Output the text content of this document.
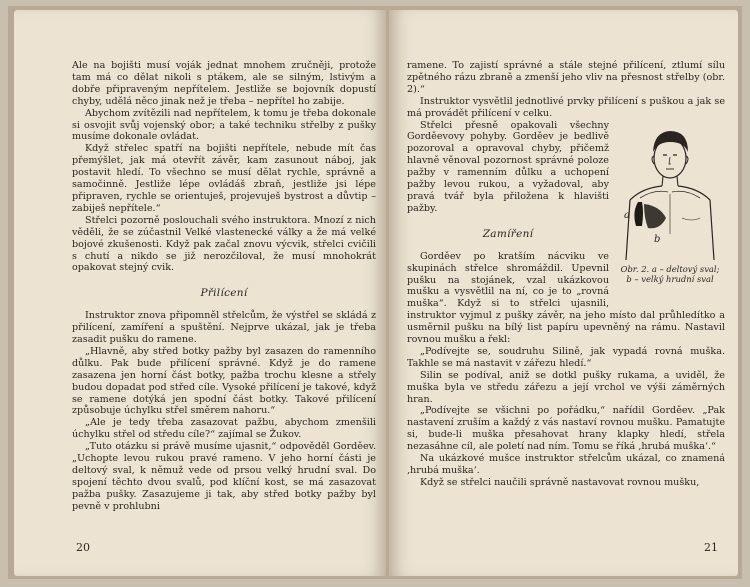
Ale na bojišti musí voják jednat mnohem zručněji, protože tam má co dělat nikoli s ptákem, ale se silným, lstivým a dobře připraveným nepřítelem. Jestliže se bojovník dopustí chyby, udělá něco jinak než je třeba – nepřítel ho zabije.

Abychom zvítězili nad nepřítelem, k tomu je třeba dokonale si osvojit svůj vojenský obor; a také techniku střelby z pušky musíme dokonale ovládat.

Když střelec spatří na bojišti nepřítele, nebude mít čas přemýšlet, jak má otevřít závěr, kam zasunout náboj, jak postavit hledí. To všechno se musí dělat rychle, správně a samočinně. Jestliže lépe ovládáš zbraň, jestliže jsi lépe připraven, rychle se orientuješ, projevuješ bystrost a důvtip – zabiješ nepřítele.“

Střelci pozorně poslouchali svého instruktora. Mnozí z nich věděli, že se zúčastnil Velké vlastenecké války a že má velké bojové zkušenosti. Když pak začal znovu výcvik, střelci cvičili s chutí a nikdo se již nerozčiloval, že musí mnohokrát opakovat stejný cvik.

Přilícení

Instruktor znova připomněl střelcům, že výstřel se skládá z přilícení, zamíření a spuštění. Nejprve ukázal, jak je třeba zasadit pušku do ramene.

„Hlavně, aby střed botky pažby byl zasazen do ramenního důlku. Pak bude přilícení správné. Když je do ramene zasazena jen horní část botky, pažba trochu klesne a střely budou dopadat pod střed cíle. Vysoké přilícení je takové, když se ramene dotýká jen spodní část botky. Takové přilícení způsobuje úchylku střel směrem nahoru.“

„Ale je tedy třeba zasazovat pažbu, abychom zmenšili úchylku střel od středu cíle?“ zajímal se Žukov.

„Tuto otázku si právě musíme ujasnit,“ odpověděl Gorděev. „Uchopte levou rukou pravé rameno. V jeho horní části je deltový sval, k němuž vede od prsou velký hrudní sval. Do spojení těchto dvou svalů, pod klíční kost, se má zasazovat pažba pušky. Zasazujeme ji tak, aby střed botky pažby byl pevně v prohlubni

20

ramene. To zajistí správné a stále stejné přilícení, ztlumí sílu zpětného rázu zbraně a zmenší jeho vliv na přesnost střelby (obr. 2).“

Instruktor vysvětlil jednotlivé prvky přilícení s puškou a jak se má provádět přilícení v celku.

a
b
Obr. 2. a – deltový sval;
b – velký hrudní sval

Střelci přesně opakovali všechny Gorděevovy pohyby. Gorděev je bedlivě pozoroval a opravoval chyby, přičemž hlavně věnoval pozornost správné poloze pažby v ramenním důlku a uchopení pažby levou rukou, a vyžadoval, aby pravá tvář byla přiložena k hlavišti pažby.

Zamíření

Gorděev po kratším nácviku ve skupinách střelce shromáždil. Upevnil pušku na stojánek, vzal ukázkovou mušku a vysvětlil na ní, co je to „rovná muška“. Když si to střelci ujasnili, instruktor vyjmul z pušky závěr, na jeho místo dal průhledítko a usměrnil pušku na bílý list papíru upevněný na rámu. Nastavil rovnou mušku a řekl:

„Podívejte se, soudruhu Silině, jak vypadá rovná muška. Takhle se má nastavit v zářezu hledí.“

Silin se podíval, aniž se dotkl pušky rukama, a uviděl, že muška byla ve středu zářezu a její vrchol ve výši záměrných hran.

„Podívejte se všichni po pořádku,“ nařídil Gorděev. „Pak nastavení zruším a každý z vás nastaví rovnou mušku. Pamatujte si, bude-li muška přesahovat hrany klapky hledí, střela nezasáhne cíl, ale poletí nad ním. Tomu se říká ‚hrubá muška‘.“

Na ukázkové mušce instruktor střelcům ukázal, co znamená ‚hrubá muška‘.

Když se střelci naučili správně nastavovat rovnou mušku,

21
